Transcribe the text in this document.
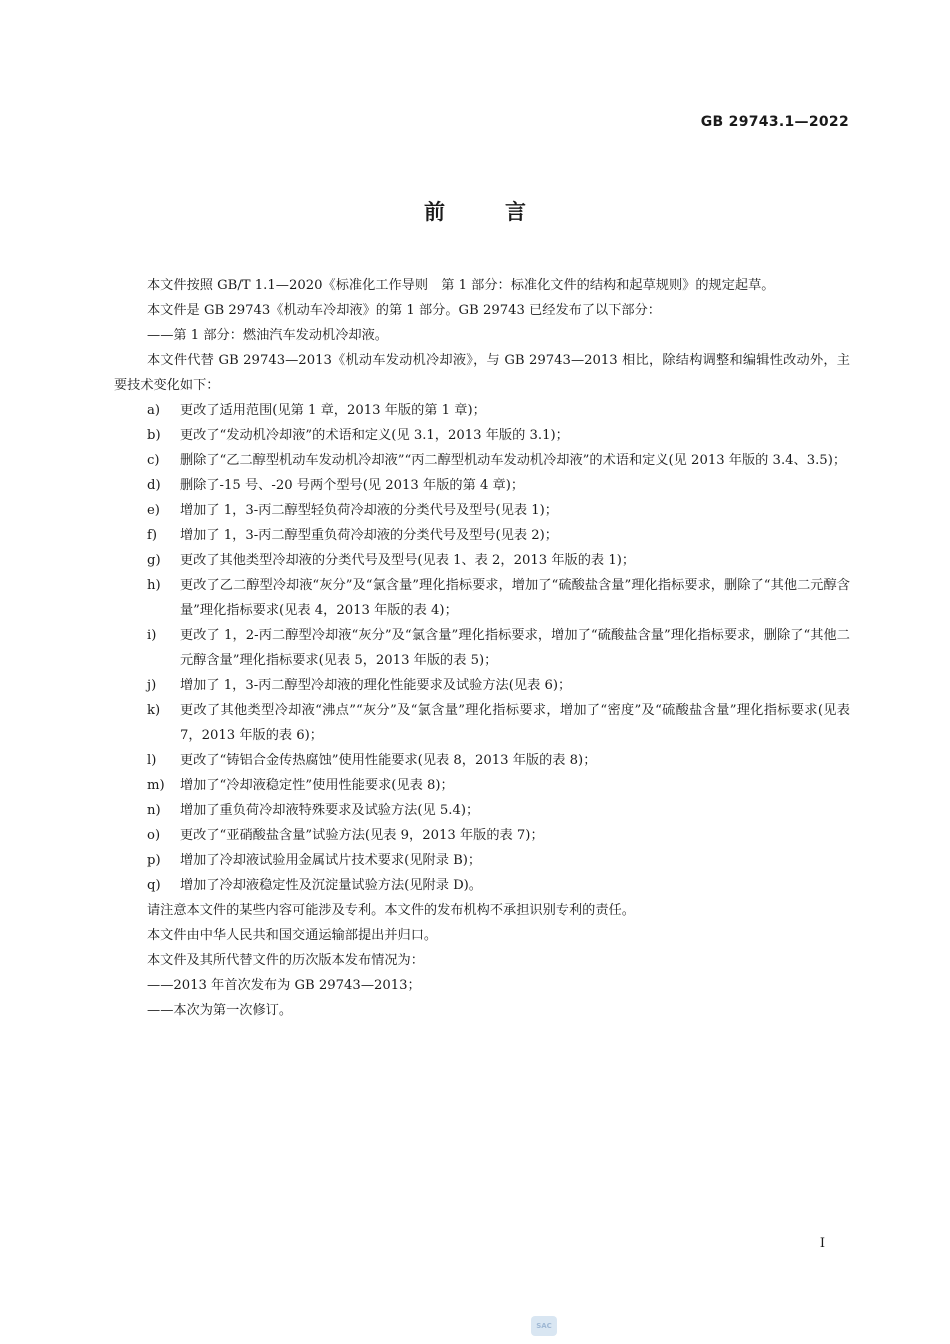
GB 29743.1—2022
前言

本文件按照 GB/T 1.1—2020《标准化工作导则　第 1 部分：标准化文件的结构和起草规则》的规定起草。

本文件是 GB 29743《机动车冷却液》的第 1 部分。GB 29743 已经发布了以下部分：

——第 1 部分：燃油汽车发动机冷却液。

本文件代替 GB 29743—2013《机动车发动机冷却液》，与 GB 29743—2013 相比，除结构调整和编辑性改动外，主要技术变化如下：

a) 更改了适用范围(见第 1 章，2013 年版的第 1 章)；

b) 更改了“发动机冷却液”的术语和定义(见 3.1，2013 年版的 3.1)；

c) 删除了“乙二醇型机动车发动机冷却液”“丙二醇型机动车发动机冷却液”的术语和定义(见 2013 年版的 3.4、3.5)；

d) 删除了-15 号、-20 号两个型号(见 2013 年版的第 4 章)；

e) 增加了 1，3-丙二醇型轻负荷冷却液的分类代号及型号(见表 1)；

f) 增加了 1，3-丙二醇型重负荷冷却液的分类代号及型号(见表 2)；

g) 更改了其他类型冷却液的分类代号及型号(见表 1、表 2，2013 年版的表 1)；

h) 更改了乙二醇型冷却液“灰分”及“氯含量”理化指标要求，增加了“硫酸盐含量”理化指标要求，删除了“其他二元醇含量”理化指标要求(见表 4，2013 年版的表 4)；

i) 更改了 1，2-丙二醇型冷却液“灰分”及“氯含量”理化指标要求，增加了“硫酸盐含量”理化指标要求，删除了“其他二元醇含量”理化指标要求(见表 5，2013 年版的表 5)；

j) 增加了 1，3-丙二醇型冷却液的理化性能要求及试验方法(见表 6)；

k) 更改了其他类型冷却液“沸点”“灰分”及“氯含量”理化指标要求，增加了“密度”及“硫酸盐含量”理化指标要求(见表 7，2013 年版的表 6)；

l) 更改了“铸铝合金传热腐蚀”使用性能要求(见表 8，2013 年版的表 8)；

m) 增加了“冷却液稳定性”使用性能要求(见表 8)；

n) 增加了重负荷冷却液特殊要求及试验方法(见 5.4)；

o) 更改了“亚硝酸盐含量”试验方法(见表 9，2013 年版的表 7)；

p) 增加了冷却液试验用金属试片技术要求(见附录 B)；

q) 增加了冷却液稳定性及沉淀量试验方法(见附录 D)。

请注意本文件的某些内容可能涉及专利。本文件的发布机构不承担识别专利的责任。

本文件由中华人民共和国交通运输部提出并归口。

本文件及其所代替文件的历次版本发布情况为：

——2013 年首次发布为 GB 29743—2013；

——本次为第一次修订。

I
SAC
